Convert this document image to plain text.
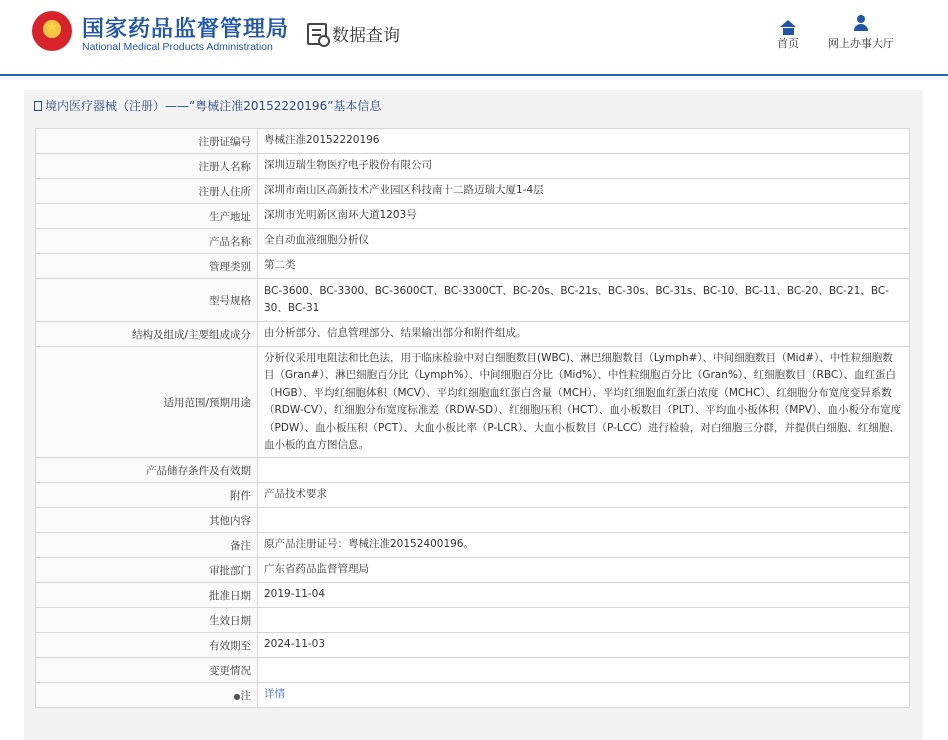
★
国家药品监督管理局
National Medical Products Administration
数据查询	首页	网上办事大厅
境内医疗器械（注册）——“粤械注准20152220196”基本信息
注册证编号	粤械注准20152220196
注册人名称	深圳迈瑞生物医疗电子股份有限公司
注册人住所	深圳市南山区高新技术产业园区科技南十二路迈瑞大厦1-4层
生产地址	深圳市光明新区南环大道1203号
产品名称	全自动血液细胞分析仪
管理类别	第二类
型号规格	BC-3600、BC-3300、BC-3600CT、BC-3300CT、BC-20s、BC-21s、BC-30s、BC-31s、BC-10、BC-11、BC-20、BC-21、BC-30、BC-31
结构及组成/主要组成成分	由分析部分、信息管理部分、结果输出部分和附件组成。
适用范围/预期用途	分析仪采用电阻法和比色法，用于临床检验中对白细胞数目(WBC)、淋巴细胞数目（Lymph#）、中间细胞数目（Mid#）、中性粒细胞数目（Gran#）、淋巴细胞百分比（Lymph%）、中间细胞百分比（Mid%）、中性粒细胞百分比（Gran%）、红细胞数目（RBC）、血红蛋白（HGB）、平均红细胞体积（MCV）、平均红细胞血红蛋白含量（MCH）、平均红细胞血红蛋白浓度（MCHC）、红细胞分布宽度变异系数（RDW-CV）、红细胞分布宽度标准差（RDW-SD）、红细胞压积（HCT）、血小板数目（PLT）、平均血小板体积（MPV）、血小板分布宽度（PDW）、血小板压积（PCT）、大血小板比率（P-LCR）、大血小板数目（P-LCC）进行检验，对白细胞三分群，并提供白细胞、红细胞、血小板的直方图信息。
产品储存条件及有效期	
附件	产品技术要求
其他内容	
备注	原产品注册证号：粤械注准20152400196。
审批部门	广东省药品监督管理局
批准日期	2019-11-04
生效日期	
有效期至	2024-11-03
变更情况	
●注	详情
